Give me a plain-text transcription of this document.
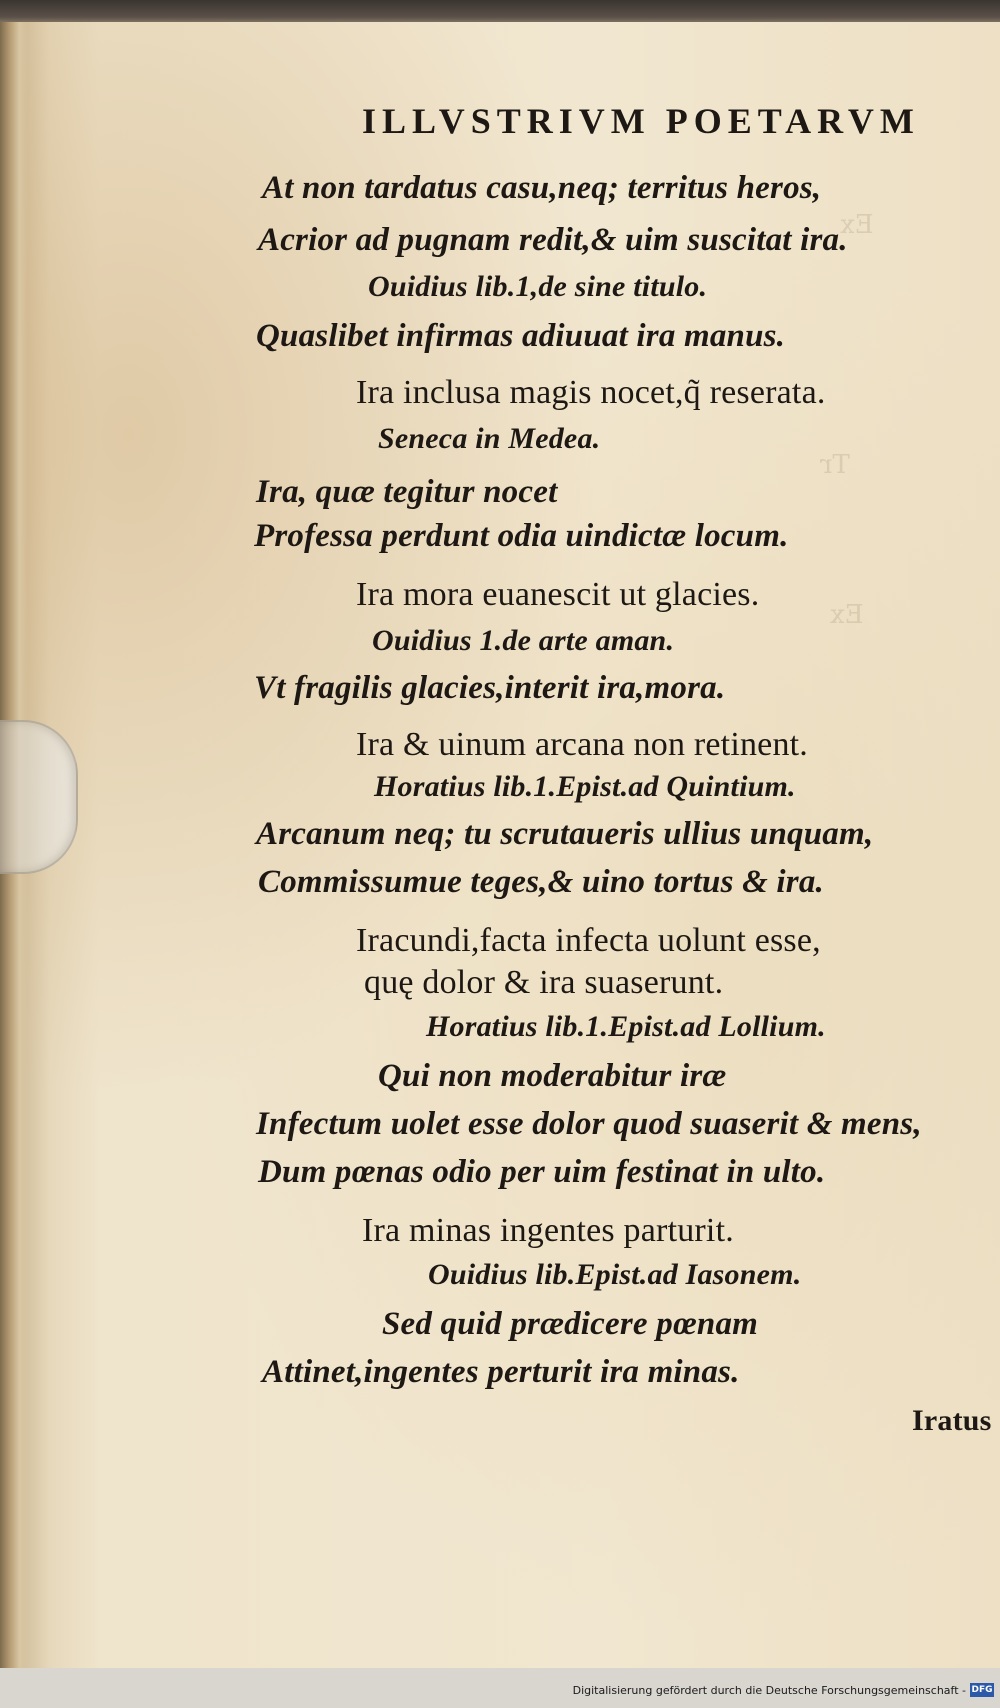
Ex
Tr
Ex
ILLVSTRIVM POETARVM
At non tardatus casu,neq; territus heros,
Acrior ad pugnam redit,& uim suscitat ira.
Ouidius lib.1,de sine titulo.
Quaslibet infirmas adiuuat ira manus.
Ira inclusa magis nocet,q̃ reserata.
Seneca in Medea.
Ira, quæ tegitur nocet
Professa perdunt odia uindictæ locum.
Ira mora euanescit ut glacies.
Ouidius 1.de arte aman.
Vt fragilis glacies,interit ira,mora.
Ira & uinum arcana non retinent.
Horatius lib.1.Epist.ad Quintium.
Arcanum neq; tu scrutaueris ullius unquam,
Commissumue teges,& uino tortus & ira.
Iracundi,facta infecta uolunt esse,
quę dolor & ira suaserunt.
Horatius lib.1.Epist.ad Lollium.
Qui non moderabitur iræ
Infectum uolet esse dolor quod suaserit & mens,
Dum pœnas odio per uim festinat in ulto.
Ira minas ingentes parturit.
Ouidius lib.Epist.ad Iasonem.
Sed quid prædicere pœnam
Attinet,ingentes perturit ira minas.
Iratus
Digitalisierung gefördert durch die Deutsche Forschungsgemeinschaft - DFG
